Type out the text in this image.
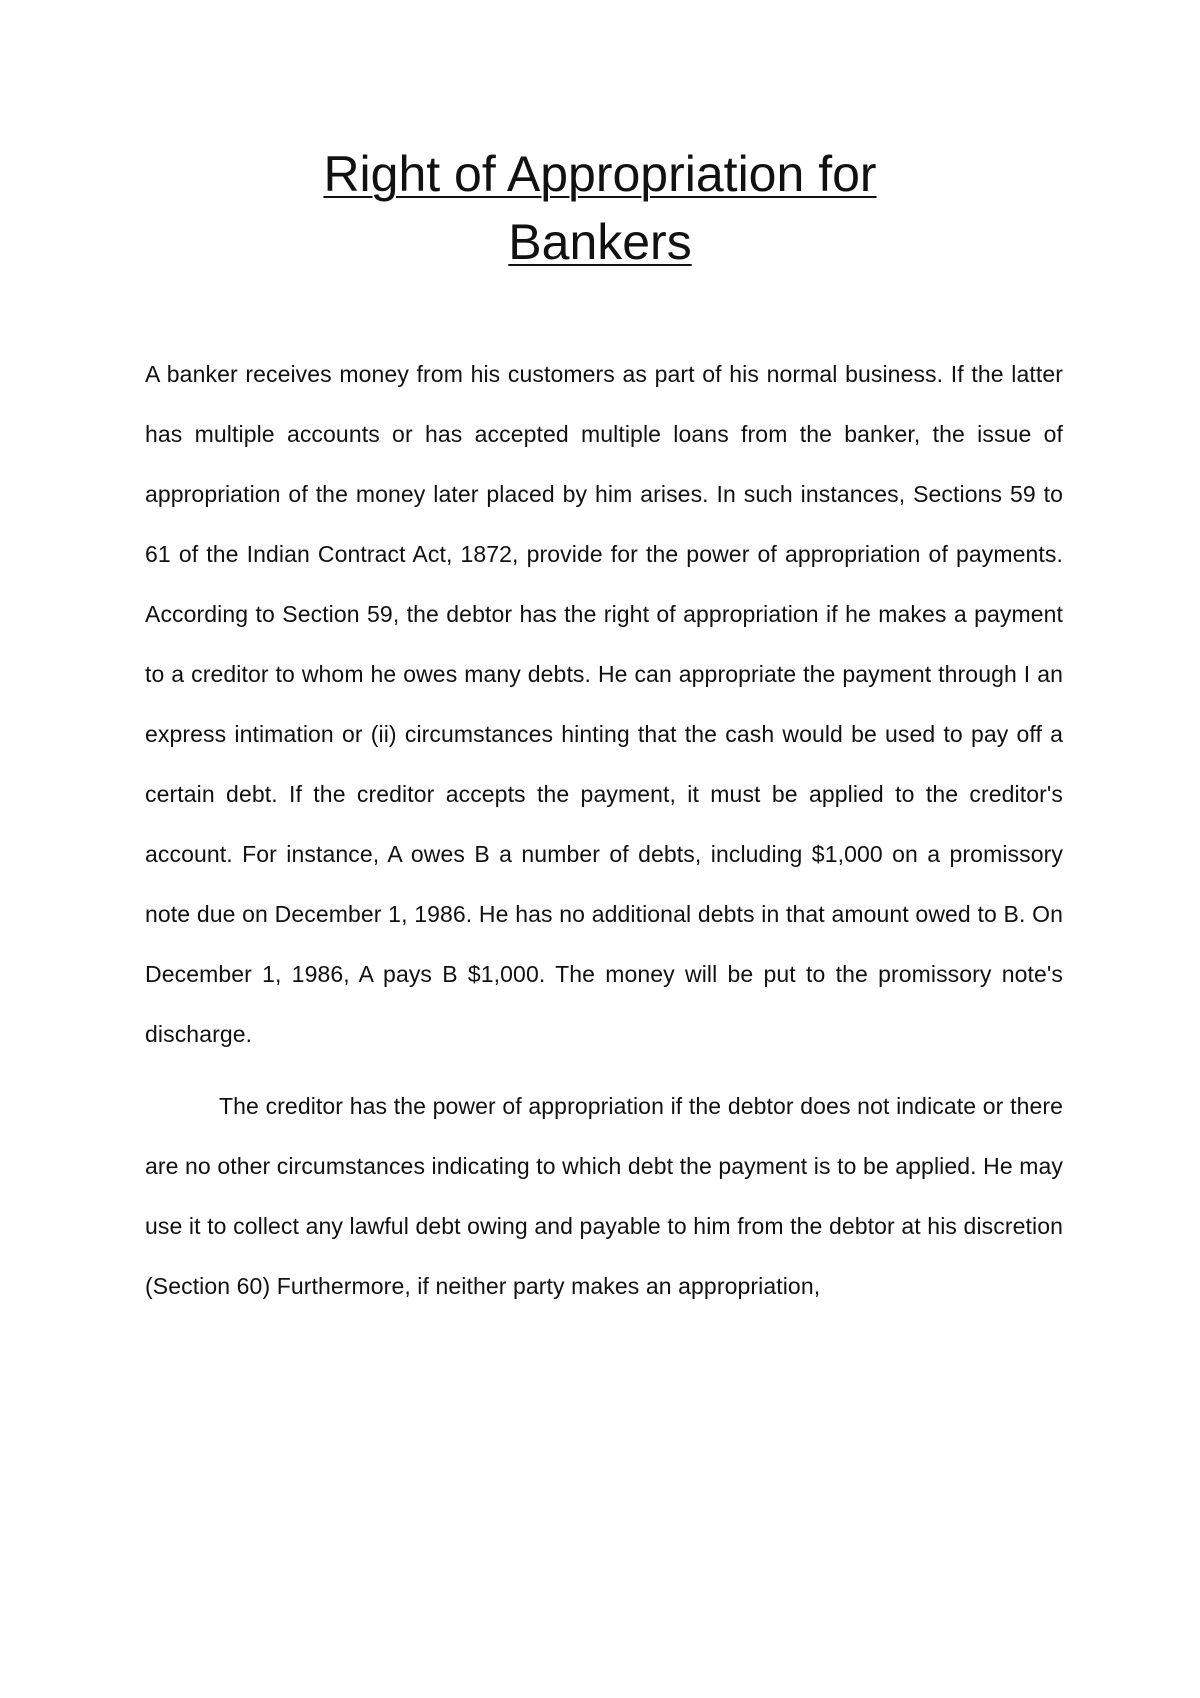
Right of Appropriation for
Bankers

A banker receives money from his customers as part of his normal business. If the latter has multiple accounts or has accepted multiple loans from the banker, the issue of appropriation of the money later placed by him arises. In such instances, Sections 59 to 61 of the Indian Contract Act, 1872, provide for the power of appropriation of payments. According to Section 59, the debtor has the right of appropriation if he makes a payment to a creditor to whom he owes many debts. He can appropriate the payment through I an express intimation or (ii) circumstances hinting that the cash would be used to pay off a certain debt. If the creditor accepts the payment, it must be applied to the creditor's account. For instance, A owes B a number of debts, including $1,000 on a promissory note due on December 1, 1986. He has no additional debts in that amount owed to B. On December 1, 1986, A pays B $1,000. The money will be put to the promissory note's discharge.

The creditor has the power of appropriation if the debtor does not indicate or there are no other circumstances indicating to which debt the payment is to be applied. He may use it to collect any lawful debt owing and payable to him from the debtor at his discretion (Section 60) Furthermore, if neither party makes an appropriation,
